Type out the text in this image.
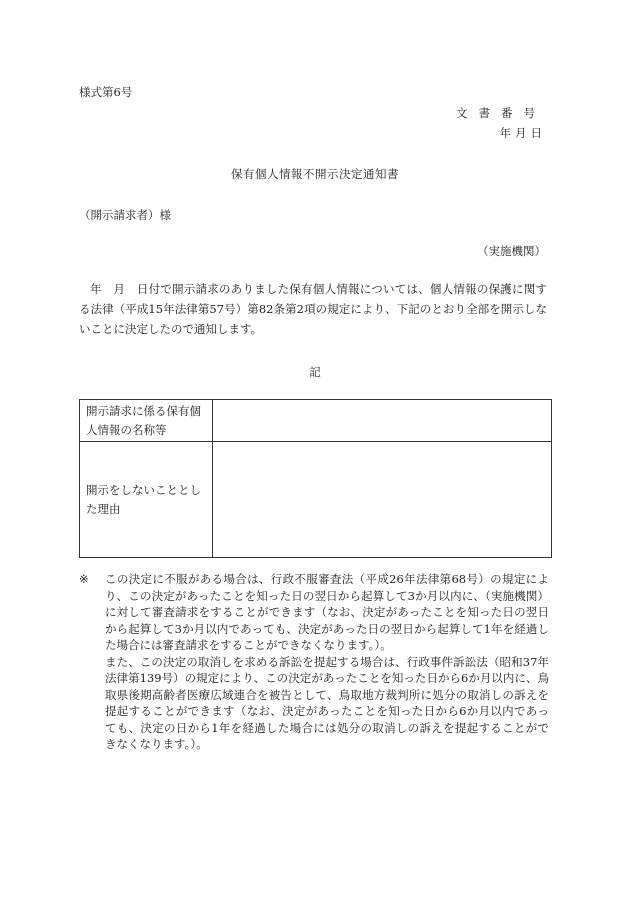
様式第6号
文書番号
年月日
保有個人情報不開示決定通知書
（開示請求者）様
（実施機関）
年　月　日付で開示請求のありました保有個人情報については、個人情報の保護に関する法律（平成15年法律第57号）第82条第2項の規定により、下記のとおり全部を開示しないことに決定したので通知します。
記
開示請求に係る保有個人情報の名称等	
開示をしないこととした理由	
※ この決定に不服がある場合は、行政不服審査法（平成26年法律第68号）の規定により、この決定があったことを知った日の翌日から起算して3か月以内に、（実施機関）に対して審査請求をすることができます（なお、決定があったことを知った日の翌日から起算して3か月以内であっても、決定があった日の翌日から起算して1年を経過した場合には審査請求をすることができなくなります。）。

また、この決定の取消しを求める訴訟を提起する場合は、行政事件訴訟法（昭和37年法律第139号）の規定により、この決定があったことを知った日から6か月以内に、鳥取県後期高齢者医療広域連合を被告として、鳥取地方裁判所に処分の取消しの訴えを提起することができます（なお、決定があったことを知った日から6か月以内であっても、決定の日から1年を経過した場合には処分の取消しの訴えを提起することができなくなります。）。
